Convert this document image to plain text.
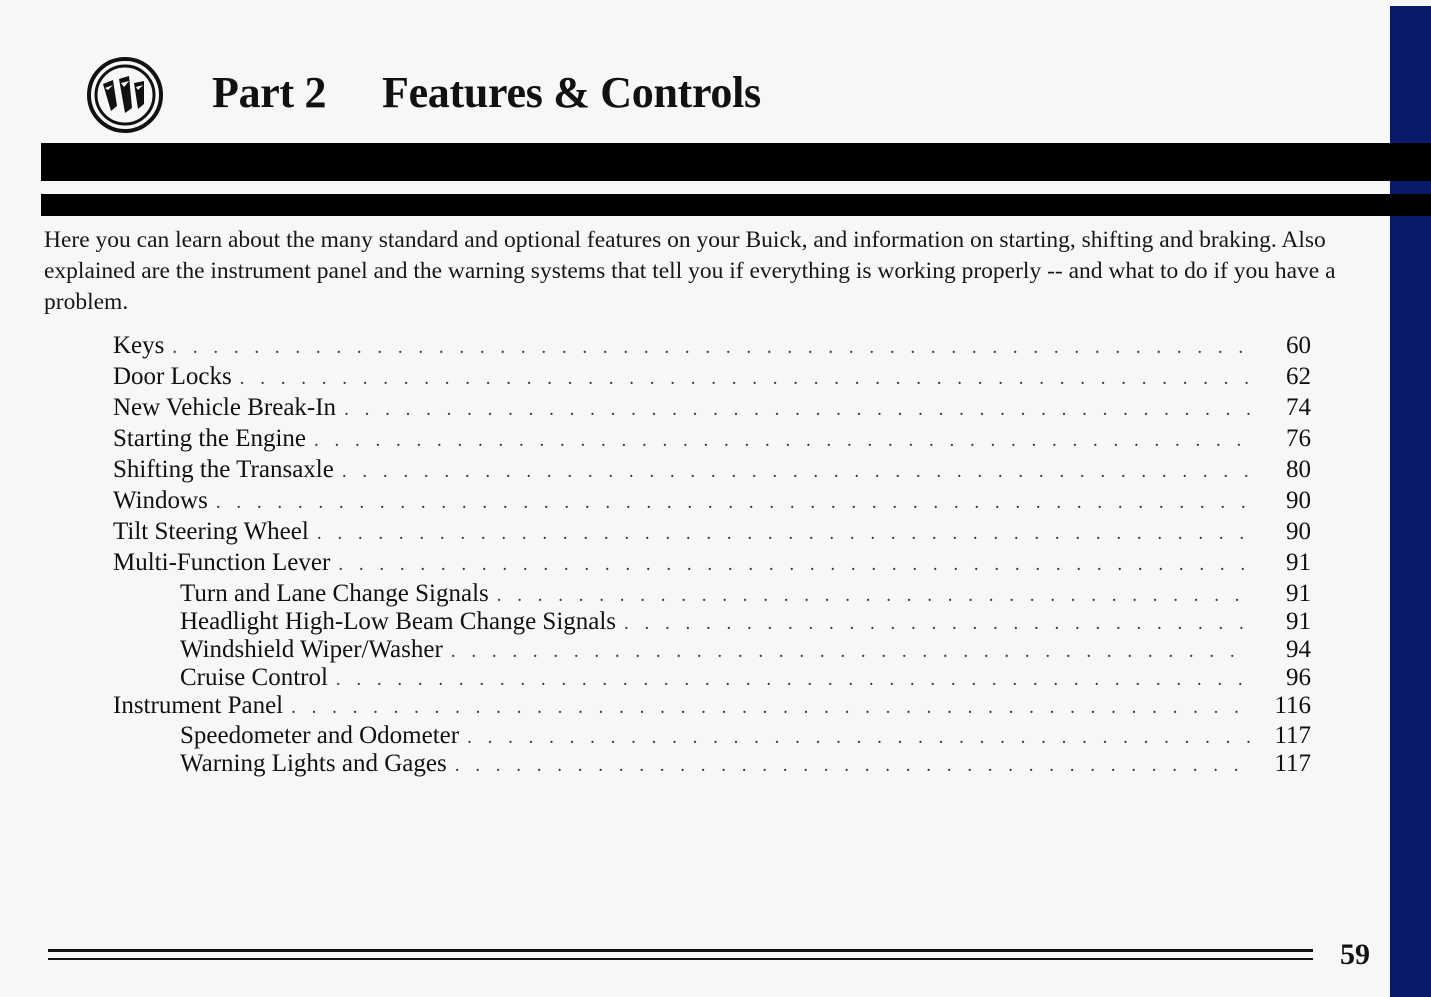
Part 2 Features & Controls

Here you can learn about the many standard and optional features on your Buick, and information on starting, shifting and braking. Also explained are the instrument panel and the warning systems that tell you if everything is working properly -- and what to do if you have a problem.

Keys . . .	60
Door Locks . . .	62
New Vehicle Break-In . . .	74
Starting the Engine . . .	76
Shifting the Transaxle . . .	80
Windows . . .	90
Tilt Steering Wheel . . .	90
Multi-Function Lever . . .	91
Turn and Lane Change Signals . . .	91
Headlight High-Low Beam Change Signals . . .	91
Windshield Wiper/Washer . . .	94
Cruise Control . . .	96
Instrument Panel . . .	116
Speedometer and Odometer . . .	117
Warning Lights and Gages . . .	117

59
